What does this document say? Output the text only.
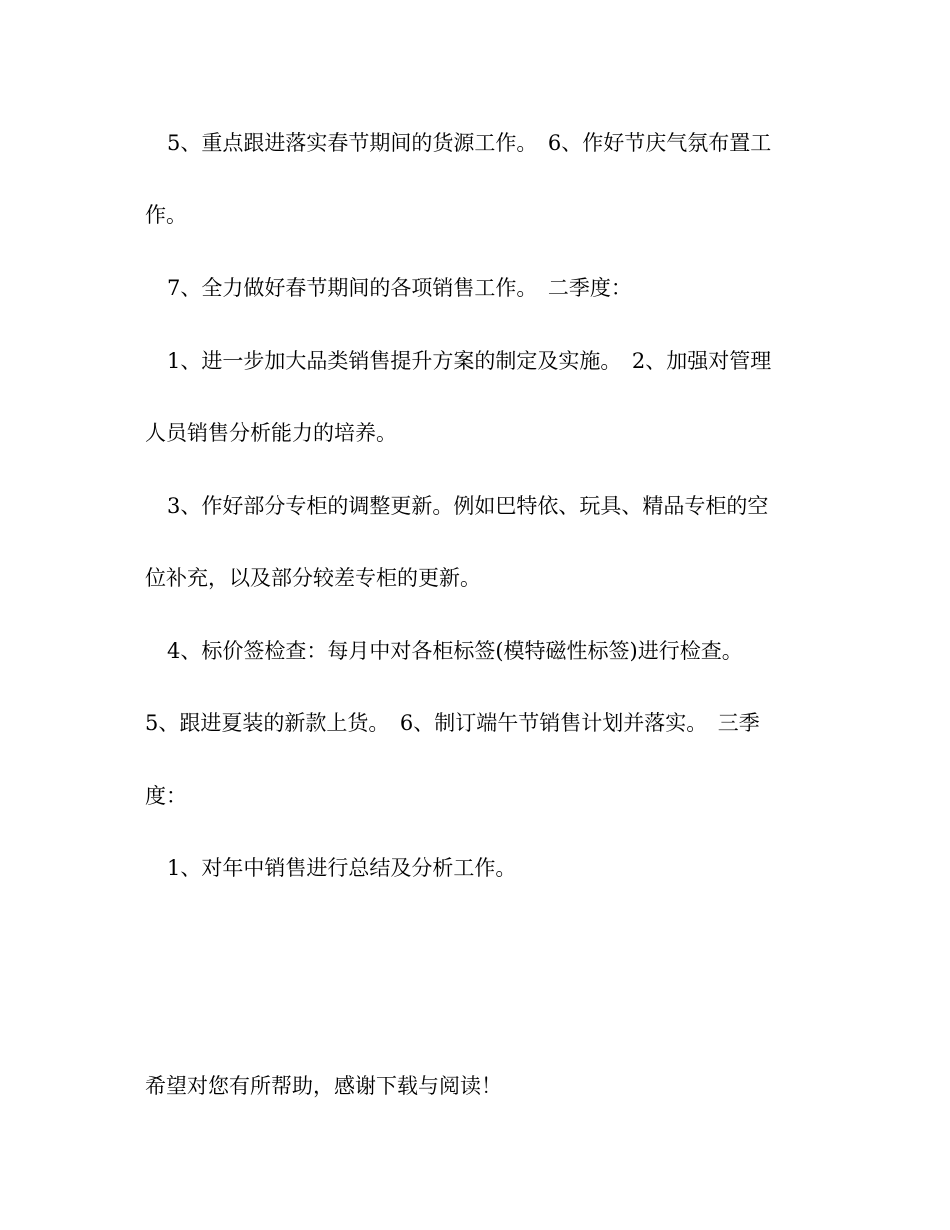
5、重点跟进落实春节期间的货源工作。　6、作好节庆气氛布置工
作。
7、全力做好春节期间的各项销售工作。　二季度：
1、进一步加大品类销售提升方案的制定及实施。　2、加强对管理
人员销售分析能力的培养。
3、作好部分专柜的调整更新。例如巴特依、玩具、精品专柜的空
位补充，以及部分较差专柜的更新。
4、标价签检查：每月中对各柜标签(模特磁性标签)进行检查。
5、跟进夏装的新款上货。　6、制订端午节销售计划并落实。　三季
度：
1、对年中销售进行总结及分析工作。
希望对您有所帮助，感谢下载与阅读！
